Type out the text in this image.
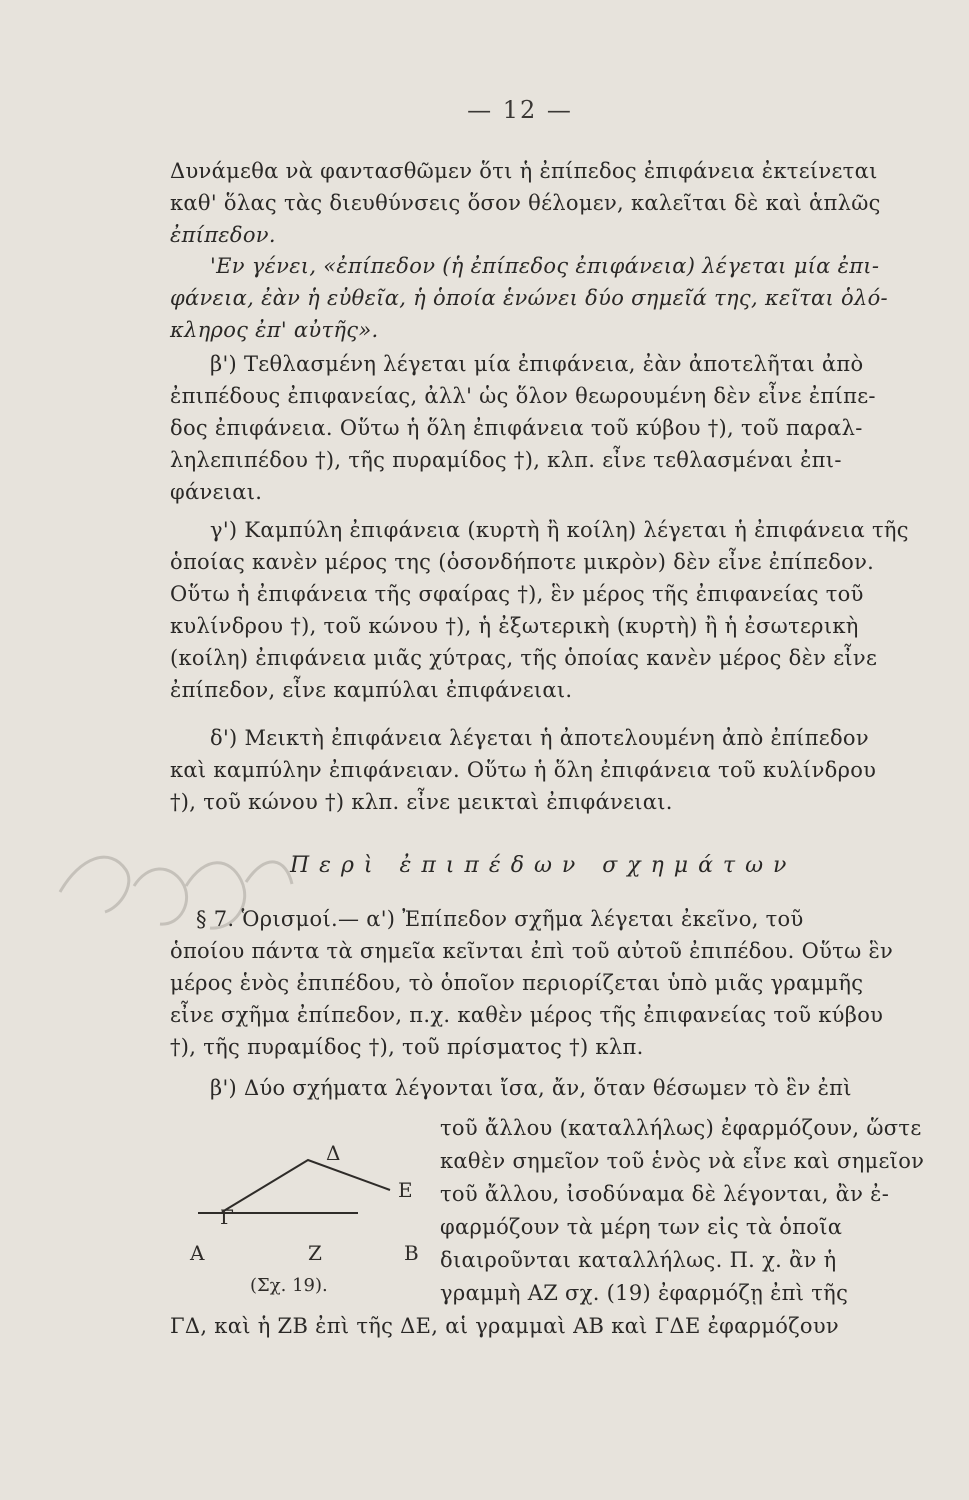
— 12 —
Δυνάμεθα νὰ φαντασθῶμεν ὅτι ἡ ἐπίπεδος ἐπιφάνεια ἐκτείνεται
καθ' ὅλας τὰς διευθύνσεις ὅσον θέλομεν, καλεῖται δὲ καὶ ἁπλῶς
ἐπίπεδον.
'Εν γένει, «ἐπίπεδον (ἡ ἐπίπεδος ἐπιφάνεια) λέγεται μία ἐπι-
φάνεια, ἐὰν ἡ εὐθεῖα, ἡ ὁποία ἑνώνει δύο σημεῖά της, κεῖται ὁλό-
κληρος ἐπ' αὐτῆς».
β') Τεθλασμένη λέγεται μία ἐπιφάνεια, ἐὰν ἀποτελῆται ἀπὸ
ἐπιπέδους ἐπιφανείας, ἀλλ' ὡς ὅλον θεωρουμένη δὲν εἶνε ἐπίπε-
δος ἐπιφάνεια. Οὕτω ἡ ὅλη ἐπιφάνεια τοῦ κύβου †), τοῦ παραλ-
ληλεπιπέδου †), τῆς πυραμίδος †), κλπ. εἶνε τεθλασμέναι ἐπι-
φάνειαι.
γ') Καμπύλη ἐπιφάνεια (κυρτὴ ἢ κοίλη) λέγεται ἡ ἐπιφάνεια τῆς
ὁποίας κανὲν μέρος της (ὁσονδήποτε μικρὸν) δὲν εἶνε ἐπίπεδον.
Οὕτω ἡ ἐπιφάνεια τῆς σφαίρας †), ἓν μέρος τῆς ἐπιφανείας τοῦ
κυλίνδρου †), τοῦ κώνου †), ἡ ἐξωτερικὴ (κυρτὴ) ἢ ἡ ἐσωτερικὴ
(κοίλη) ἐπιφάνεια μιᾶς χύτρας, τῆς ὁποίας κανὲν μέρος δὲν εἶνε
ἐπίπεδον, εἶνε καμπύλαι ἐπιφάνειαι.
δ') Μεικτὴ ἐπιφάνεια λέγεται ἡ ἀποτελουμένη ἀπὸ ἐπίπεδον
καὶ καμπύλην ἐπιφάνειαν. Οὕτω ἡ ὅλη ἐπιφάνεια τοῦ κυλίνδρου
†), τοῦ κώνου †) κλπ. εἶνε μεικταὶ ἐπιφάνειαι.
Περὶ ἐπιπέδων σχημάτων
§ 7. Ὁρισμοί.— α') Ἐπίπεδον σχῆμα λέγεται ἐκεῖνο, τοῦ
ὁποίου πάντα τὰ σημεῖα κεῖνται ἐπὶ τοῦ αὐτοῦ ἐπιπέδου. Οὕτω ἓν
μέρος ἑνὸς ἐπιπέδου, τὸ ὁποῖον περιορίζεται ὑπὸ μιᾶς γραμμῆς
εἶνε σχῆμα ἐπίπεδον, π.χ. καθὲν μέρος τῆς ἐπιφανείας τοῦ κύβου
†), τῆς πυραμίδος †), τοῦ πρίσματος †) κλπ.
β') Δύο σχήματα λέγονται ἴσα, ἄν, ὅταν θέσωμεν τὸ ἓν ἐπὶ
τοῦ ἄλλου (καταλλήλως) ἐφαρμόζουν, ὥστε
καθὲν σημεῖον τοῦ ἑνὸς νὰ εἶνε καὶ σημεῖον
τοῦ ἄλλου, ἰσοδύναμα δὲ λέγονται, ἂν ἐ-
φαρμόζουν τὰ μέρη των εἰς τὰ ὁποῖα
διαιροῦνται καταλλήλως. Π. χ. ἂν ἡ
γραμμὴ ΑΖ σχ. (19) ἐφαρμόζῃ ἐπὶ τῆς
ΓΔ, καὶ ἡ ΖΒ ἐπὶ τῆς ΔΕ, αἱ γραμμαὶ ΑΒ καὶ ΓΔΕ ἐφαρμόζουν
Δ
Ε
Γ
Α	Ζ	Β
(Σχ. 19).
